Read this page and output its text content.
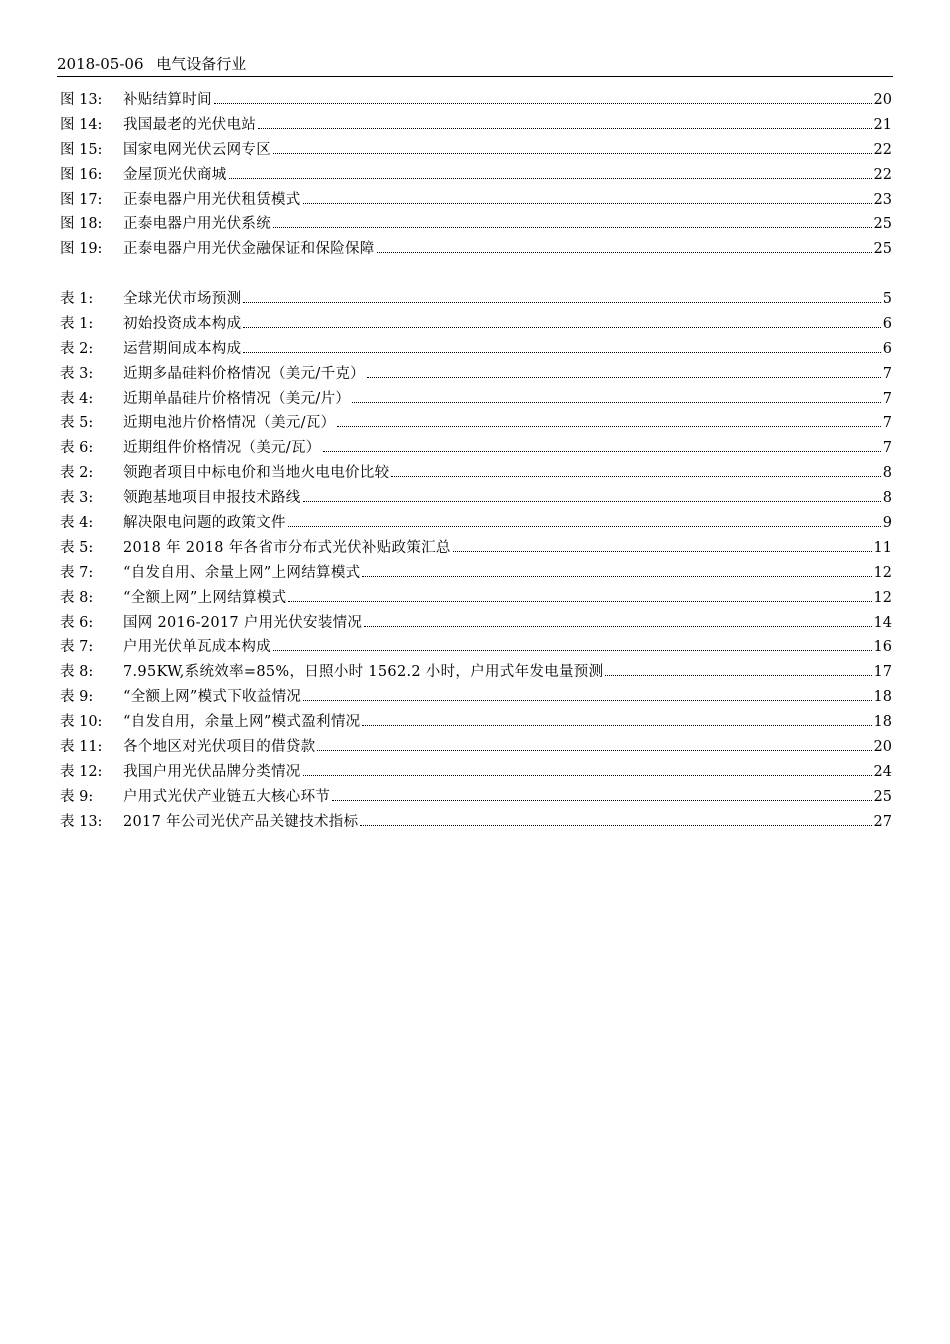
2018-05-06 电气设备行业
图 13:	补贴结算时间	20
图 14:	我国最老的光伏电站	21
图 15:	国家电网光伏云网专区	22
图 16:	金屋顶光伏商城	22
图 17:	正泰电器户用光伏租赁模式	23
图 18:	正泰电器户用光伏系统	25
图 19:	正泰电器户用光伏金融保证和保险保障	25
表 1:	全球光伏市场预测	5
表 1:	初始投资成本构成	6
表 2:	运营期间成本构成	6
表 3:	近期多晶硅料价格情况（美元/千克）	7
表 4:	近期单晶硅片价格情况（美元/片）	7
表 5:	近期电池片价格情况（美元/瓦）	7
表 6:	近期组件价格情况（美元/瓦）	7
表 2:	领跑者项目中标电价和当地火电电价比较	8
表 3:	领跑基地项目申报技术路线	8
表 4:	解决限电问题的政策文件	9
表 5:	2018 年 2018 年各省市分布式光伏补贴政策汇总	11
表 7:	“自发自用、余量上网”上网结算模式	12
表 8:	“全额上网”上网结算模式	12
表 6:	国网 2016-2017 户用光伏安装情况	14
表 7:	户用光伏单瓦成本构成	16
表 8:	7.95KW,系统效率=85%，日照小时 1562.2 小时，户用式年发电量预测	17
表 9:	“全额上网”模式下收益情况	18
表 10:	“自发自用，余量上网”模式盈利情况	18
表 11:	各个地区对光伏项目的借贷款	20
表 12:	我国户用光伏品牌分类情况	24
表 9:	户用式光伏产业链五大核心环节	25
表 13:	2017 年公司光伏产品关键技术指标	27
